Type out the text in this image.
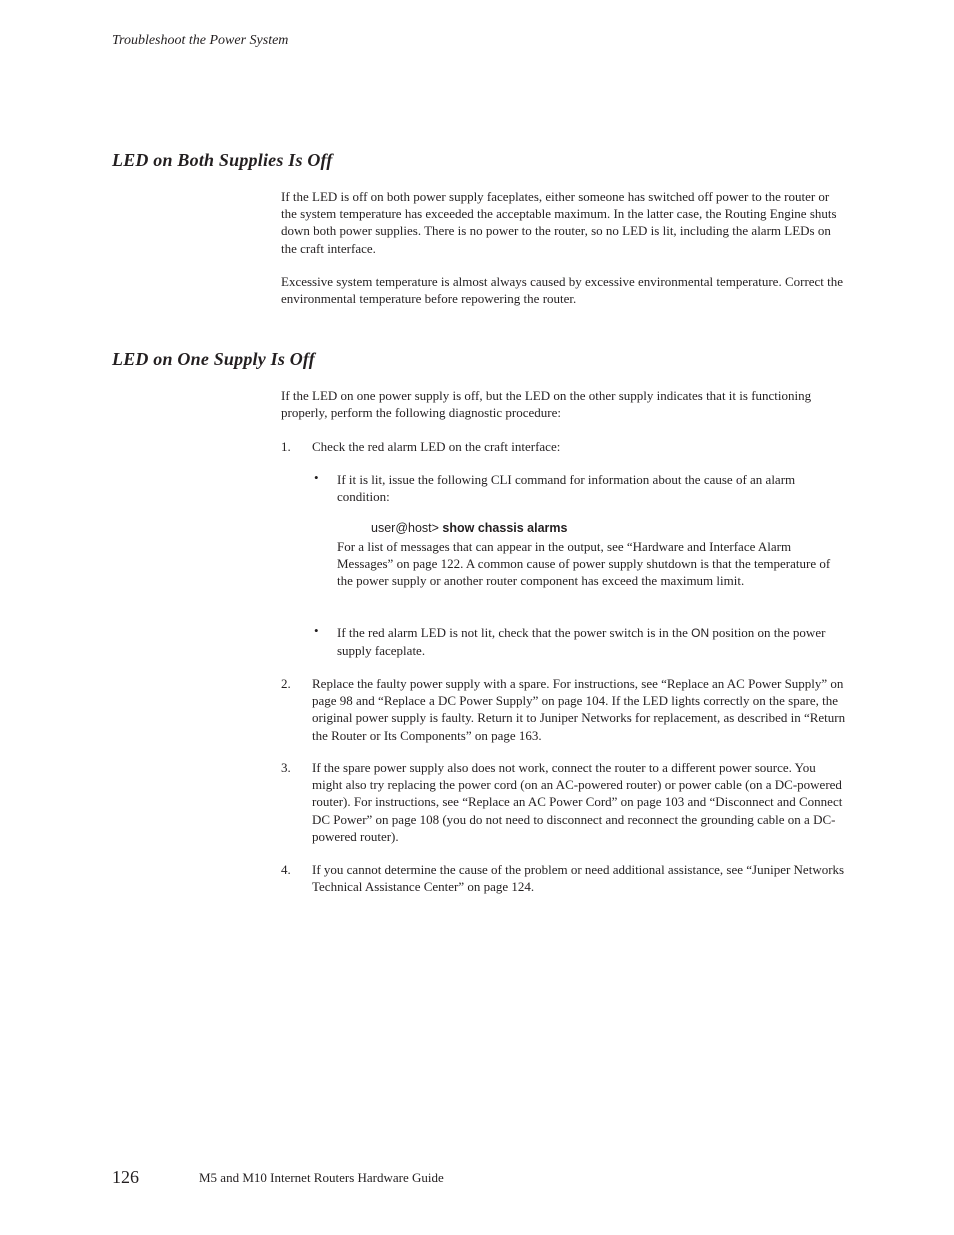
Troubleshoot the Power System
LED on Both Supplies Is Off

If the LED is off on both power supply faceplates, either someone has switched off power to the router or the system temperature has exceeded the acceptable maximum. In the latter case, the Routing Engine shuts down both power supplies. There is no power to the router, so no LED is lit, including the alarm LEDs on the craft interface.

Excessive system temperature is almost always caused by excessive environmental temperature. Correct the environmental temperature before repowering the router.

LED on One Supply Is Off

If the LED on one power supply is off, but the LED on the other supply indicates that it is functioning properly, perform the following diagnostic procedure:

1. Check the red alarm LED on the craft interface:

• If it is lit, issue the following CLI command for information about the cause of an alarm condition:

user@host> show chassis alarms

For a list of messages that can appear in the output, see “Hardware and Interface Alarm Messages” on page 122. A common cause of power supply shutdown is that the temperature of the power supply or another router component has exceed the maximum limit.

• If the red alarm LED is not lit, check that the power switch is in the ON position on the power supply faceplate.

2. Replace the faulty power supply with a spare. For instructions, see “Replace an AC Power Supply” on page 98 and “Replace a DC Power Supply” on page 104. If the LED lights correctly on the spare, the original power supply is faulty. Return it to Juniper Networks for replacement, as described in “Return the Router or Its Components” on page 163.

3. If the spare power supply also does not work, connect the router to a different power source. You might also try replacing the power cord (on an AC-powered router) or power cable (on a DC-powered router). For instructions, see “Replace an AC Power Cord” on page 103 and “Disconnect and Connect DC Power” on page 108 (you do not need to disconnect and reconnect the grounding cable on a DC-powered router).

4. If you cannot determine the cause of the problem or need additional assistance, see “Juniper Networks Technical Assistance Center” on page 124.

126	M5 and M10 Internet Routers Hardware Guide
